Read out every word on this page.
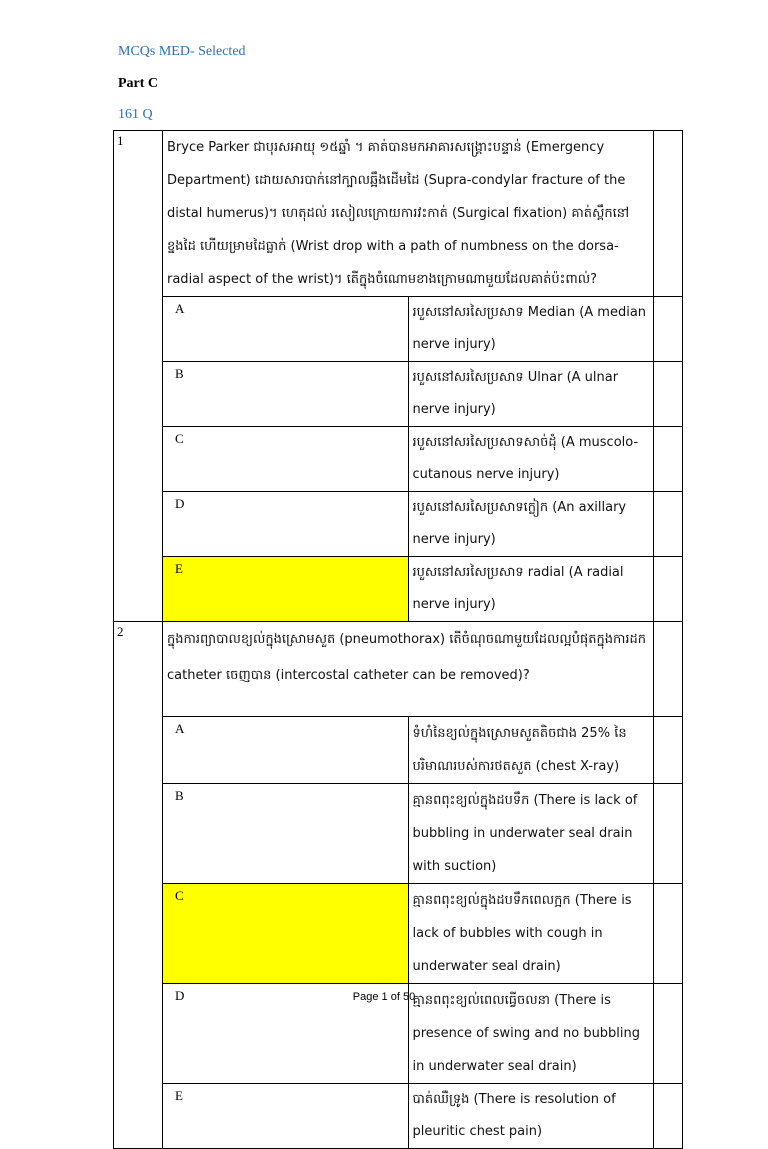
MCQs MED- Selected
Part C
161 Q
1	Bryce Parker ជាបុរសអាយុ ១៥ឆ្នាំ ។ គាត់បានមកអាគារសង្គ្រោះបន្ទាន់ (Emergency Department) ដោយសារបាក់នៅក្បាលឆ្អឹងដើមដៃ (Supra-condylar fracture of the distal humerus)។ ហេតុដល់ រសៀលក្រោយការវះកាត់ (Surgical fixation) គាត់ស្ពឹកនៅខ្នងដៃ ហើយម្រាមដៃធ្លាក់ (Wrist drop with a path of numbness on the dorsa-radial aspect of the wrist)។ តើក្នុងចំណោមខាងក្រោមណាមួយដែលគាត់ប៉ះពាល់?		
	A	របួសនៅសរសៃប្រសាទ Median (A median nerve injury)	
	B	របួសនៅសរសៃប្រសាទ Ulnar (A ulnar nerve injury)	
	C	របួសនៅសរសៃប្រសាទសាច់ដុំ (A muscolo-cutanous nerve injury)	
	D	របួសនៅសរសៃប្រសាទក្លៀក (An axillary nerve injury)	
	E	របួសនៅសរសៃប្រសាទ radial (A radial nerve injury)	
2	ក្នុងការព្យាបាលខ្យល់ក្នុងស្រោមសួត (pneumothorax) តើចំណុចណាមួយដែលល្អបំផុតក្នុងការដក catheter ចេញបាន (intercostal catheter can be removed)?		
	A	ទំហំនៃខ្យល់ក្នុងស្រោមសួតតិចជាង 25% នៃបរិមាណរបស់ការថតសួត (chest X-ray)	
	B	គ្មានពពុះខ្យល់ក្នុងដបទឹក (There is lack of bubbling in underwater seal drain with suction)	
	C	គ្មានពពុះខ្យល់ក្នុងដបទឹកពេលក្អក (There is lack of bubbles with cough in underwater seal drain)	
	D	គ្មានពពុះខ្យល់ពេលធ្វើចលនា (There is presence of swing and no bubbling in underwater seal drain)	
	E	បាត់ឈឺទ្រូង (There is resolution of pleuritic chest pain)	
Page 1 of 50
